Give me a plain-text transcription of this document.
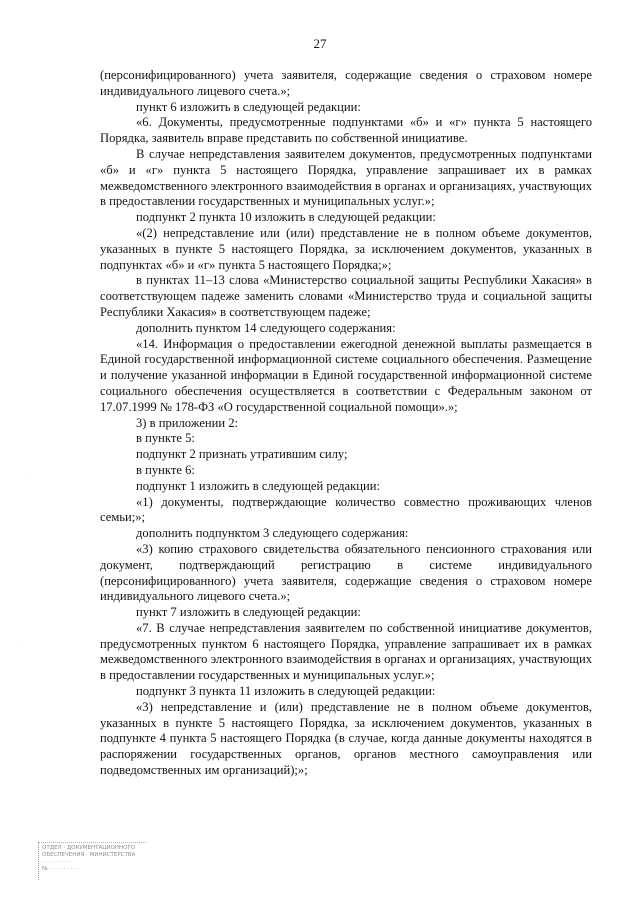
27

(персонифицированного) учета заявителя, содержащие сведения о страховом номере индивидуального лицевого счета.»;

пункт 6 изложить в следующей редакции:

«6. Документы, предусмотренные подпунктами «б» и «г» пункта 5 настоящего Порядка, заявитель вправе представить по собственной инициативе.

В случае непредставления заявителем документов, предусмотренных подпунктами «б» и «г» пункта 5 настоящего Порядка, управление запрашивает их в рамках межведомственного электронного взаимодействия в органах и организациях, участвующих в предоставлении государственных и муниципальных услуг.»;

подпункт 2 пункта 10 изложить в следующей редакции:

«(2) непредставление или (или) представление не в полном объеме документов, указанных в пункте 5 настоящего Порядка, за исключением документов, указанных в подпунктах «б» и «г» пункта 5 настоящего Порядка;»;

в пунктах 11–13 слова «Министерство социальной защиты Республики Хакасия» в соответствующем падеже заменить словами «Министерство труда и социальной защиты Республики Хакасия» в соответствующем падеже;

дополнить пунктом 14 следующего содержания:

«14. Информация о предоставлении ежегодной денежной выплаты размещается в Единой государственной информационной системе социального обеспечения. Размещение и получение указанной информации в Единой государственной информационной системе социального обеспечения осуществляется в соответствии с Федеральным законом от 17.07.1999 № 178-ФЗ «О государственной социальной помощи».»;

3) в приложении 2:

в пункте 5:

подпункт 2 признать утратившим силу;

в пункте 6:

подпункт 1 изложить в следующей редакции:

«1) документы, подтверждающие количество совместно проживающих членов семьи;»;

дополнить подпунктом 3 следующего содержания:

«3) копию страхового свидетельства обязательного пенсионного страхования или документ, подтверждающий регистрацию в системе индивидуального (персонифицированного) учета заявителя, содержащие сведения о страховом номере индивидуального лицевого счета.»;

пункт 7 изложить в следующей редакции:

«7. В случае непредставления заявителем по собственной инициативе документов, предусмотренных пунктом 6 настоящего Порядка, управление запрашивает их в рамках межведомственного электронного взаимодействия в органах и организациях, участвующих в предоставлении государственных и муниципальных услуг.»;

подпункт 3 пункта 11 изложить в следующей редакции:

«3) непредставление и (или) представление не в полном объеме документов, указанных в пункте 5 настоящего Порядка, за исключением документов, указанных в подпункте 4 пункта 5 настоящего Порядка (в случае, когда данные документы находятся в распоряжении государственных органов, органов местного самоуправления или подведомственных им организаций);»;

ОТДЕЛ · ДОКУМЕНТАЦИОННОГО
ОБЕСПЕЧЕНИЯ · МИНИСТЕРСТВА
· · · · · · · · ·
№ · · · · · · · · ·
·
·
